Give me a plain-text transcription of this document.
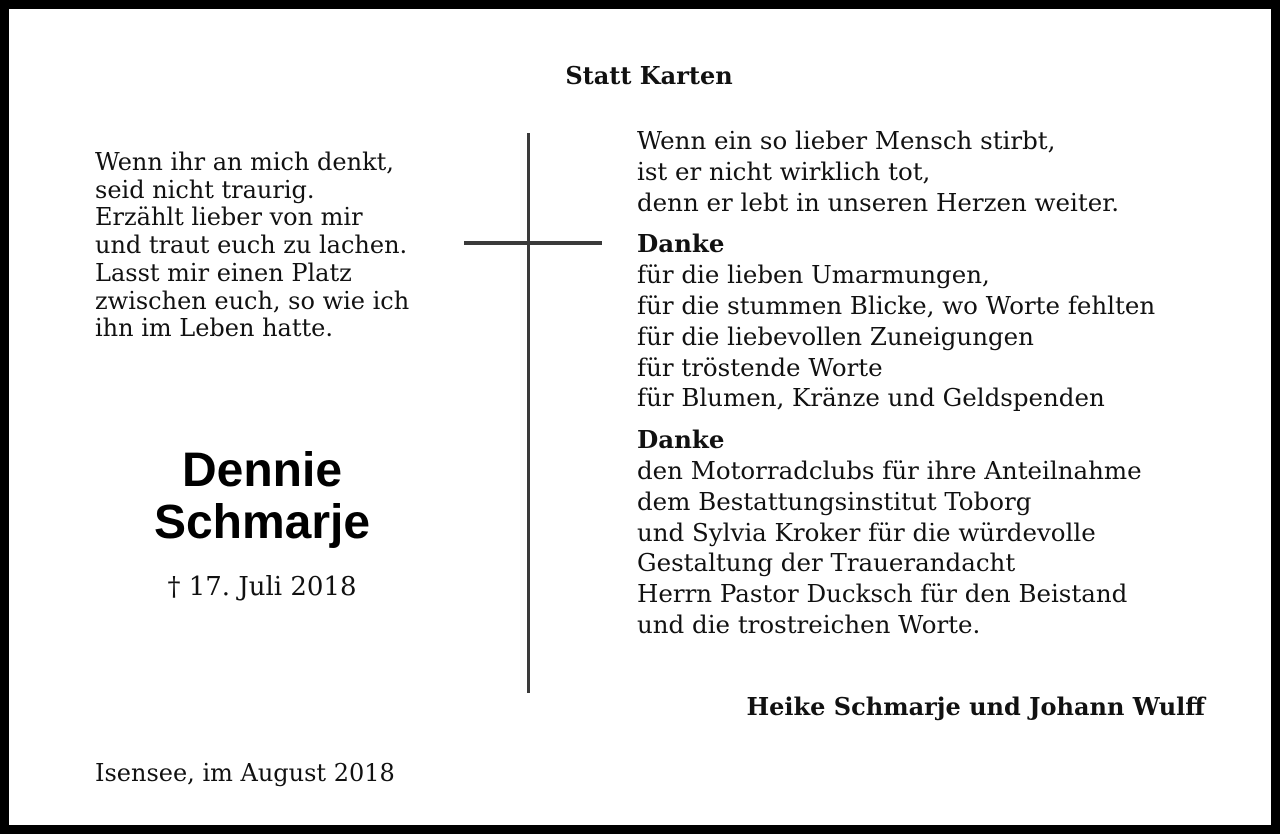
Statt Karten
Wenn ihr an mich denkt,
seid nicht traurig.
Erzählt lieber von mir
und traut euch zu lachen.
Lasst mir einen Platz
zwischen euch, so wie ich
ihn im Leben hatte.
Dennie
Schmarje
† 17. Juli 2018
Isensee, im August 2018
Wenn ein so lieber Mensch stirbt,
ist er nicht wirklich tot,
denn er lebt in unseren Herzen weiter.
Danke
für die lieben Umarmungen,
für die stummen Blicke, wo Worte fehlten
für die liebevollen Zuneigungen
für tröstende Worte
für Blumen, Kränze und Geldspenden
Danke
den Motorradclubs für ihre Anteilnahme
dem Bestattungsinstitut Toborg
und Sylvia Kroker für die würdevolle
Gestaltung der Trauerandacht
Herrn Pastor Ducksch für den Beistand
und die trostreichen Worte.
Heike Schmarje und Johann Wulff
